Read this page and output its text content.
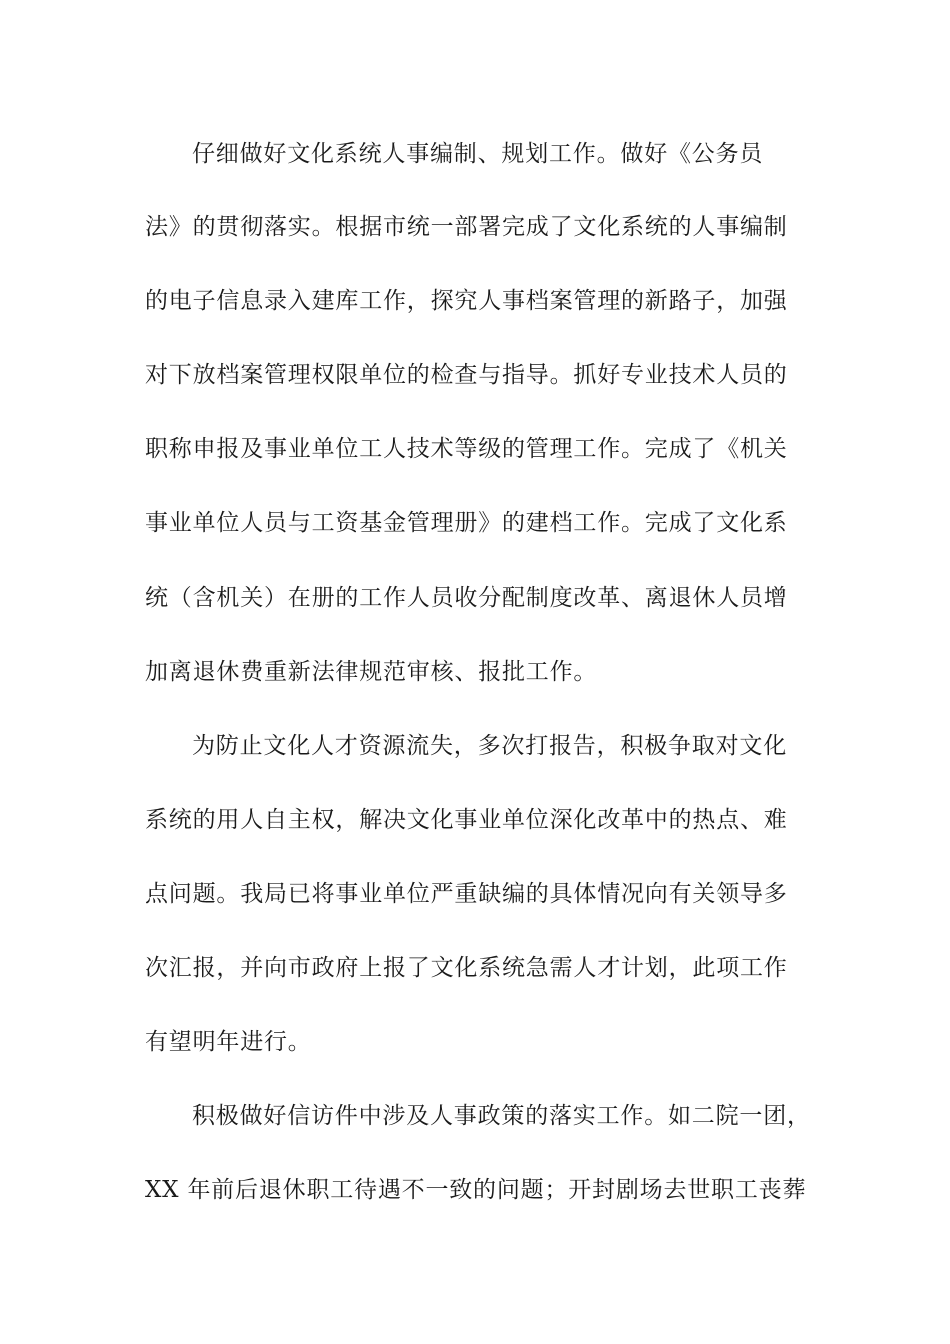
仔细做好文化系统人事编制、规划工作。做好《公务员
法》的贯彻落实。根据市统一部署完成了文化系统的人事编制
的电子信息录入建库工作，探究人事档案管理的新路子，加强
对下放档案管理权限单位的检查与指导。抓好专业技术人员的
职称申报及事业单位工人技术等级的管理工作。完成了《机关
事业单位人员与工资基金管理册》的建档工作。完成了文化系
统（含机关）在册的工作人员收分配制度改革、离退休人员增
加离退休费重新法律规范审核、报批工作。
为防止文化人才资源流失，多次打报告，积极争取对文化
系统的用人自主权，解决文化事业单位深化改革中的热点、难
点问题。我局已将事业单位严重缺编的具体情况向有关领导多
次汇报，并向市政府上报了文化系统急需人才计划，此项工作
有望明年进行。
积极做好信访件中涉及人事政策的落实工作。如二院一团，
XX 年前后退休职工待遇不一致的问题；开封剧场去世职工丧葬
